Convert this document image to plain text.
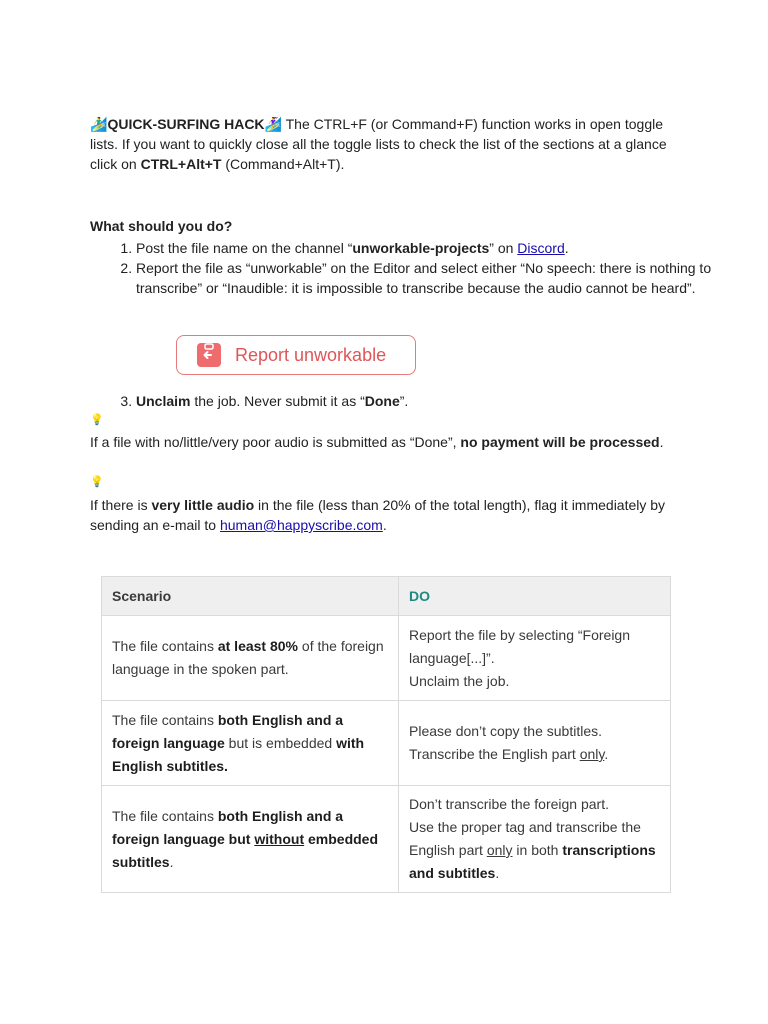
🏄‍♂️QUICK-SURFING HACK🏄‍♀️ The CTRL+F (or Command+F) function works in open toggle lists. If you want to quickly close all the toggle lists to check the list of the sections at a glance click on CTRL+Alt+T (Command+Alt+T).
What should you do?
1. Post the file name on the channel “unworkable-projects” on Discord.
2. Report the file as “unworkable” on the Editor and select either “No speech: there is nothing to transcribe” or “Inaudible: it is impossible to transcribe because the audio cannot be heard”.
Report unworkable
3. Unclaim the job. Never submit it as “Done”.
💡
If a file with no/little/very poor audio is submitted as “Done”, no payment will be processed.
💡
If there is very little audio in the file (less than 20% of the total length), flag it immediately by sending an e-mail to human@happyscribe.com.
Scenario	DO
The file contains at least 80% of the foreign language in the spoken part.	Report the file by selecting “Foreign language[...]”.
Unclaim the job.
The file contains both English and a foreign language but is embedded with English subtitles.	Please don’t copy the subtitles.
Transcribe the English part only.
The file contains both English and a foreign language but without embedded subtitles.	Don’t transcribe the foreign part.
Use the proper tag and transcribe the English part only in both transcriptions and subtitles.
